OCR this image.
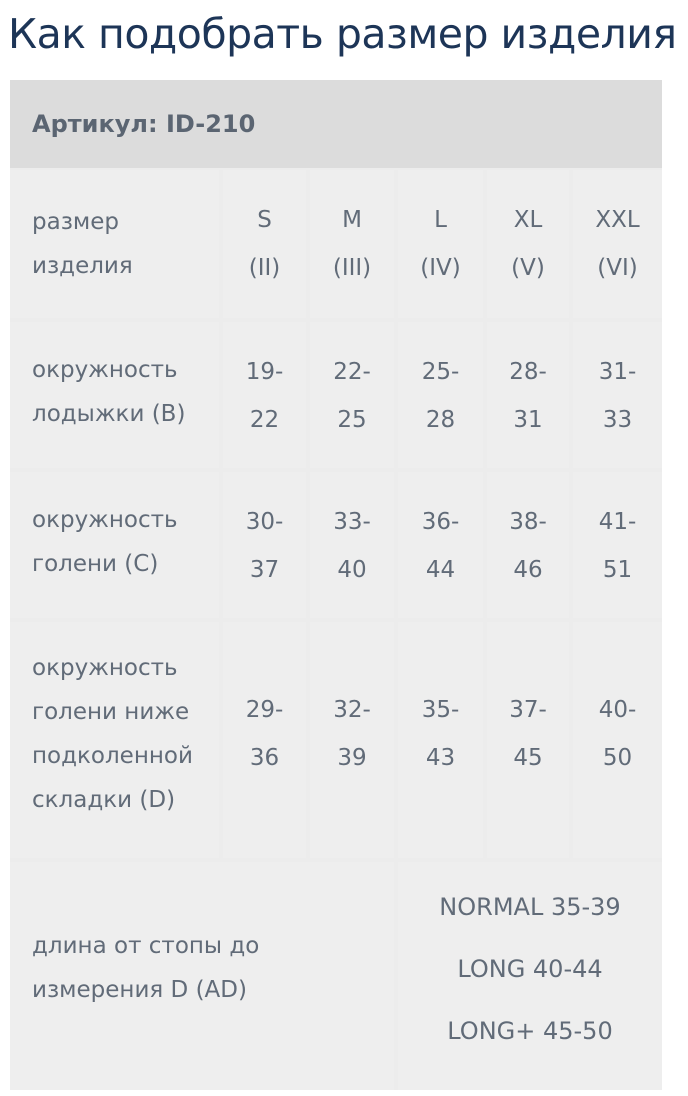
Как подобрать размер изделия
Артикул: ID-210
размер
изделия
S
(II)
M
(III)
L
(IV)
XL
(V)
XXL
(VI)
окружность
лодыжки (B)
19-
22
22-
25
25-
28
28-
31
31-
33
окружность
голени (C)
30-
37
33-
40
36-
44
38-
46
41-
51
окружность
голени ниже
подколенной
складки (D)
29-
36
32-
39
35-
43
37-
45
40-
50
длина от стопы до
измерения D (AD)
NORMAL 35-39
LONG 40-44
LONG+ 45-50
